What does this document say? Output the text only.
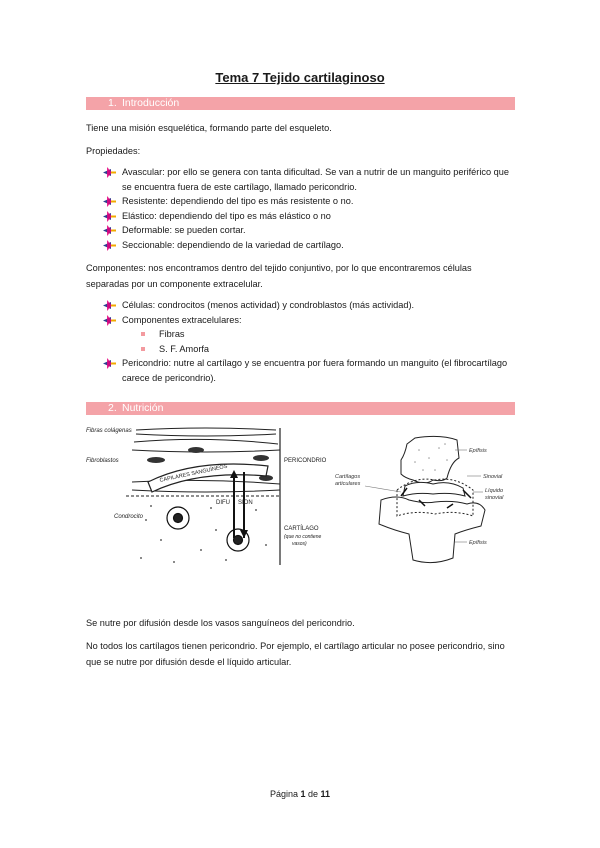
Tema 7 Tejido cartilaginoso
1. Introducción
Tiene una misión esquelética, formando parte del esqueleto.
Propiedades:
Avascular: por ello se genera con tanta dificultad. Se van a nutrir de un manguito periférico que se encuentra fuera de este cartílago, llamado pericondrio.
Resistente: dependiendo del tipo es más resistente o no.
Elástico: dependiendo del tipo es más elástico o no
Deformable: se pueden cortar.
Seccionable: dependiendo de la variedad de cartílago.
Componentes: nos encontramos dentro del tejido conjuntivo, por lo que encontraremos células separadas por un componente extracelular.
Células: condrocitos (menos actividad) y condroblastos (más actividad).
Componentes extracelulares:
Fibras
S. F. Amorfa
Pericondrio: nutre al cartílago y se encuentra por fuera formando un manguito (el fibrocartílago carece de pericondrio).
2. Nutrición
Fibras colágenas
Fibroblastos
CAPILARES SANGUÍNEOS
PERICONDRIO
DIFU SION
Condrocito
CARTÍLAGO
(que no contiene
vasos)
Epífisis
Sinovial
Líquido
sinovial
Cartílagos
articulares
Epífisis
Se nutre por difusión desde los vasos sanguíneos del pericondrio.
No todos los cartílagos tienen pericondrio. Por ejemplo, el cartílago articular no posee pericondrio, sino que se nutre por difusión desde el líquido articular.
Página 1 de 11
